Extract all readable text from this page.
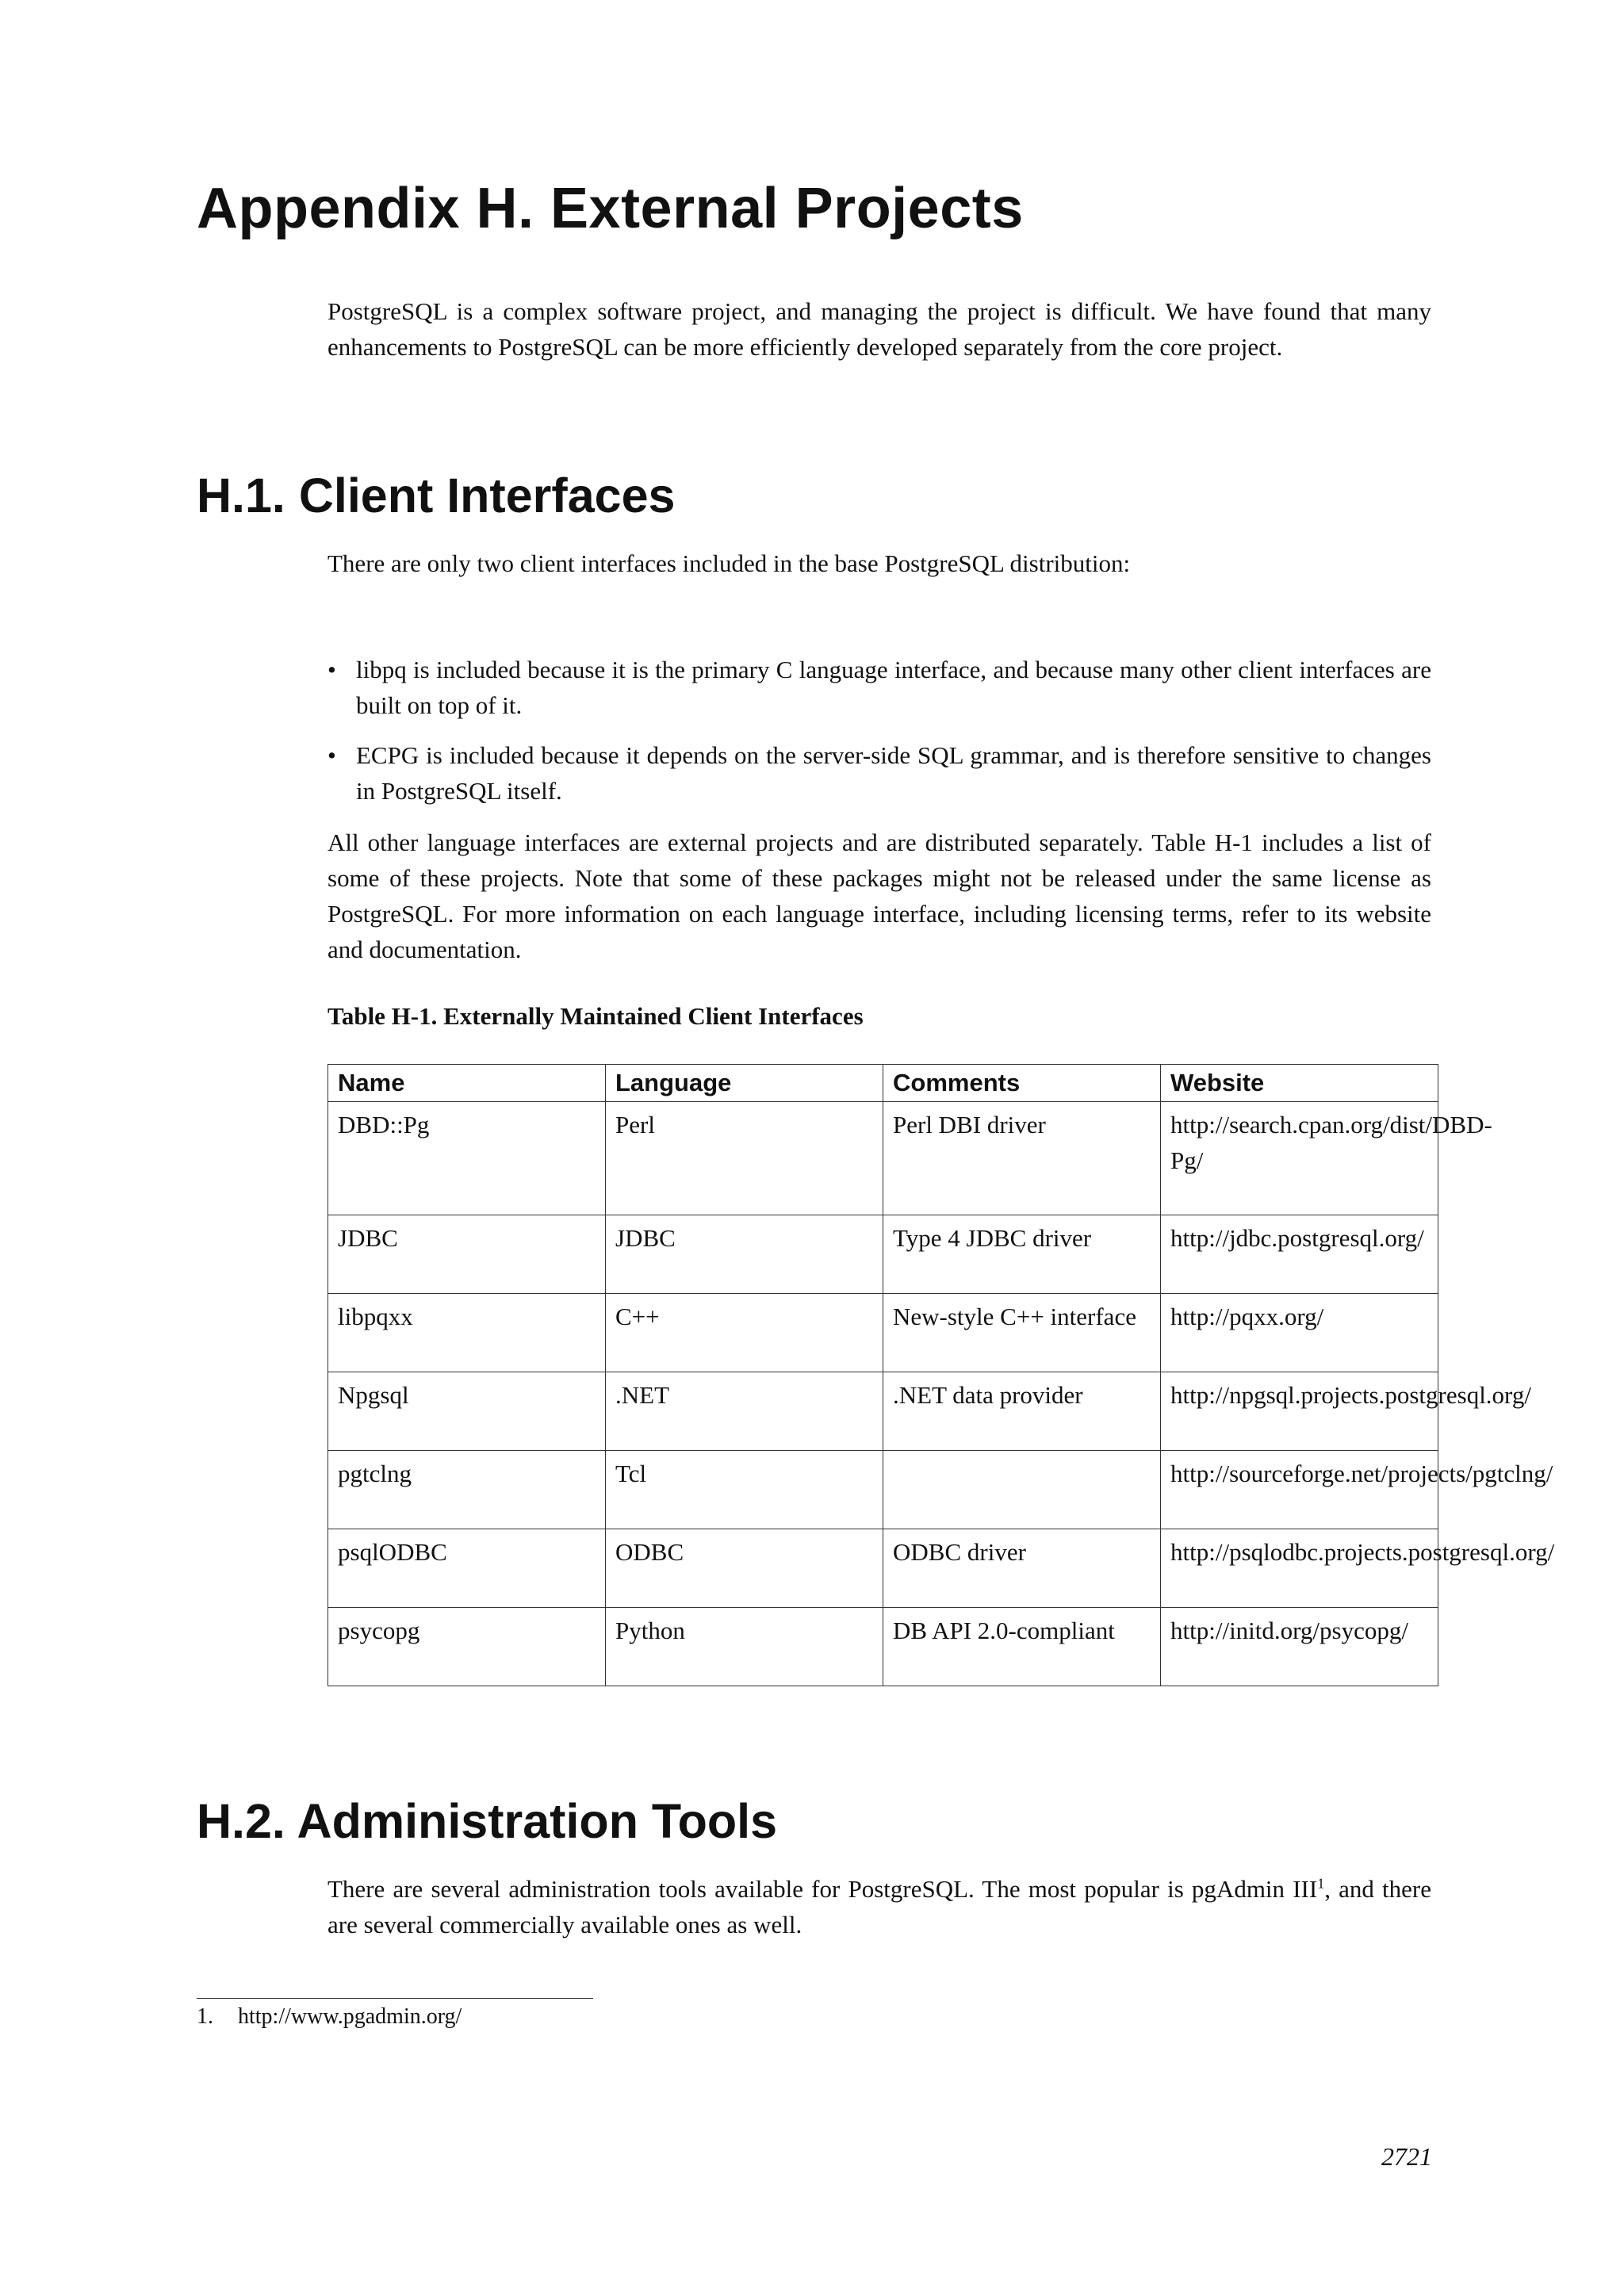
Appendix H. External Projects

PostgreSQL is a complex software project, and managing the project is difficult. We have found that many enhancements to PostgreSQL can be more efficiently developed separately from the core project.

H.1. Client Interfaces

There are only two client interfaces included in the base PostgreSQL distribution:

• libpq is included because it is the primary C language interface, and because many other client interfaces are built on top of it.
• ECPG is included because it depends on the server-side SQL grammar, and is therefore sensitive to changes in PostgreSQL itself.

All other language interfaces are external projects and are distributed separately. Table H-1 includes a list of some of these projects. Note that some of these packages might not be released under the same license as PostgreSQL. For more information on each language interface, including licensing terms, refer to its website and documentation.

Table H-1. Externally Maintained Client Interfaces

Name	Language	Comments	Website
DBD::Pg	Perl	Perl DBI driver	http://search.cpan.org/dist/DBD-Pg/
JDBC	JDBC	Type 4 JDBC driver	http://jdbc.postgresql.org/
libpqxx	C++	New-style C++ interface	http://pqxx.org/
Npgsql	.NET	.NET data provider	http://npgsql.projects.postgresql.org/
pgtclng	Tcl		http://sourceforge.net/projects/pgtclng/
psqlODBC	ODBC	ODBC driver	http://psqlodbc.projects.postgresql.org/
psycopg	Python	DB API 2.0-compliant	http://initd.org/psycopg/
H.2. Administration Tools

There are several administration tools available for PostgreSQL. The most popular is pgAdmin III$^1$, and there are several commercially available ones as well.

1. http://www.pgadmin.org/

2721
